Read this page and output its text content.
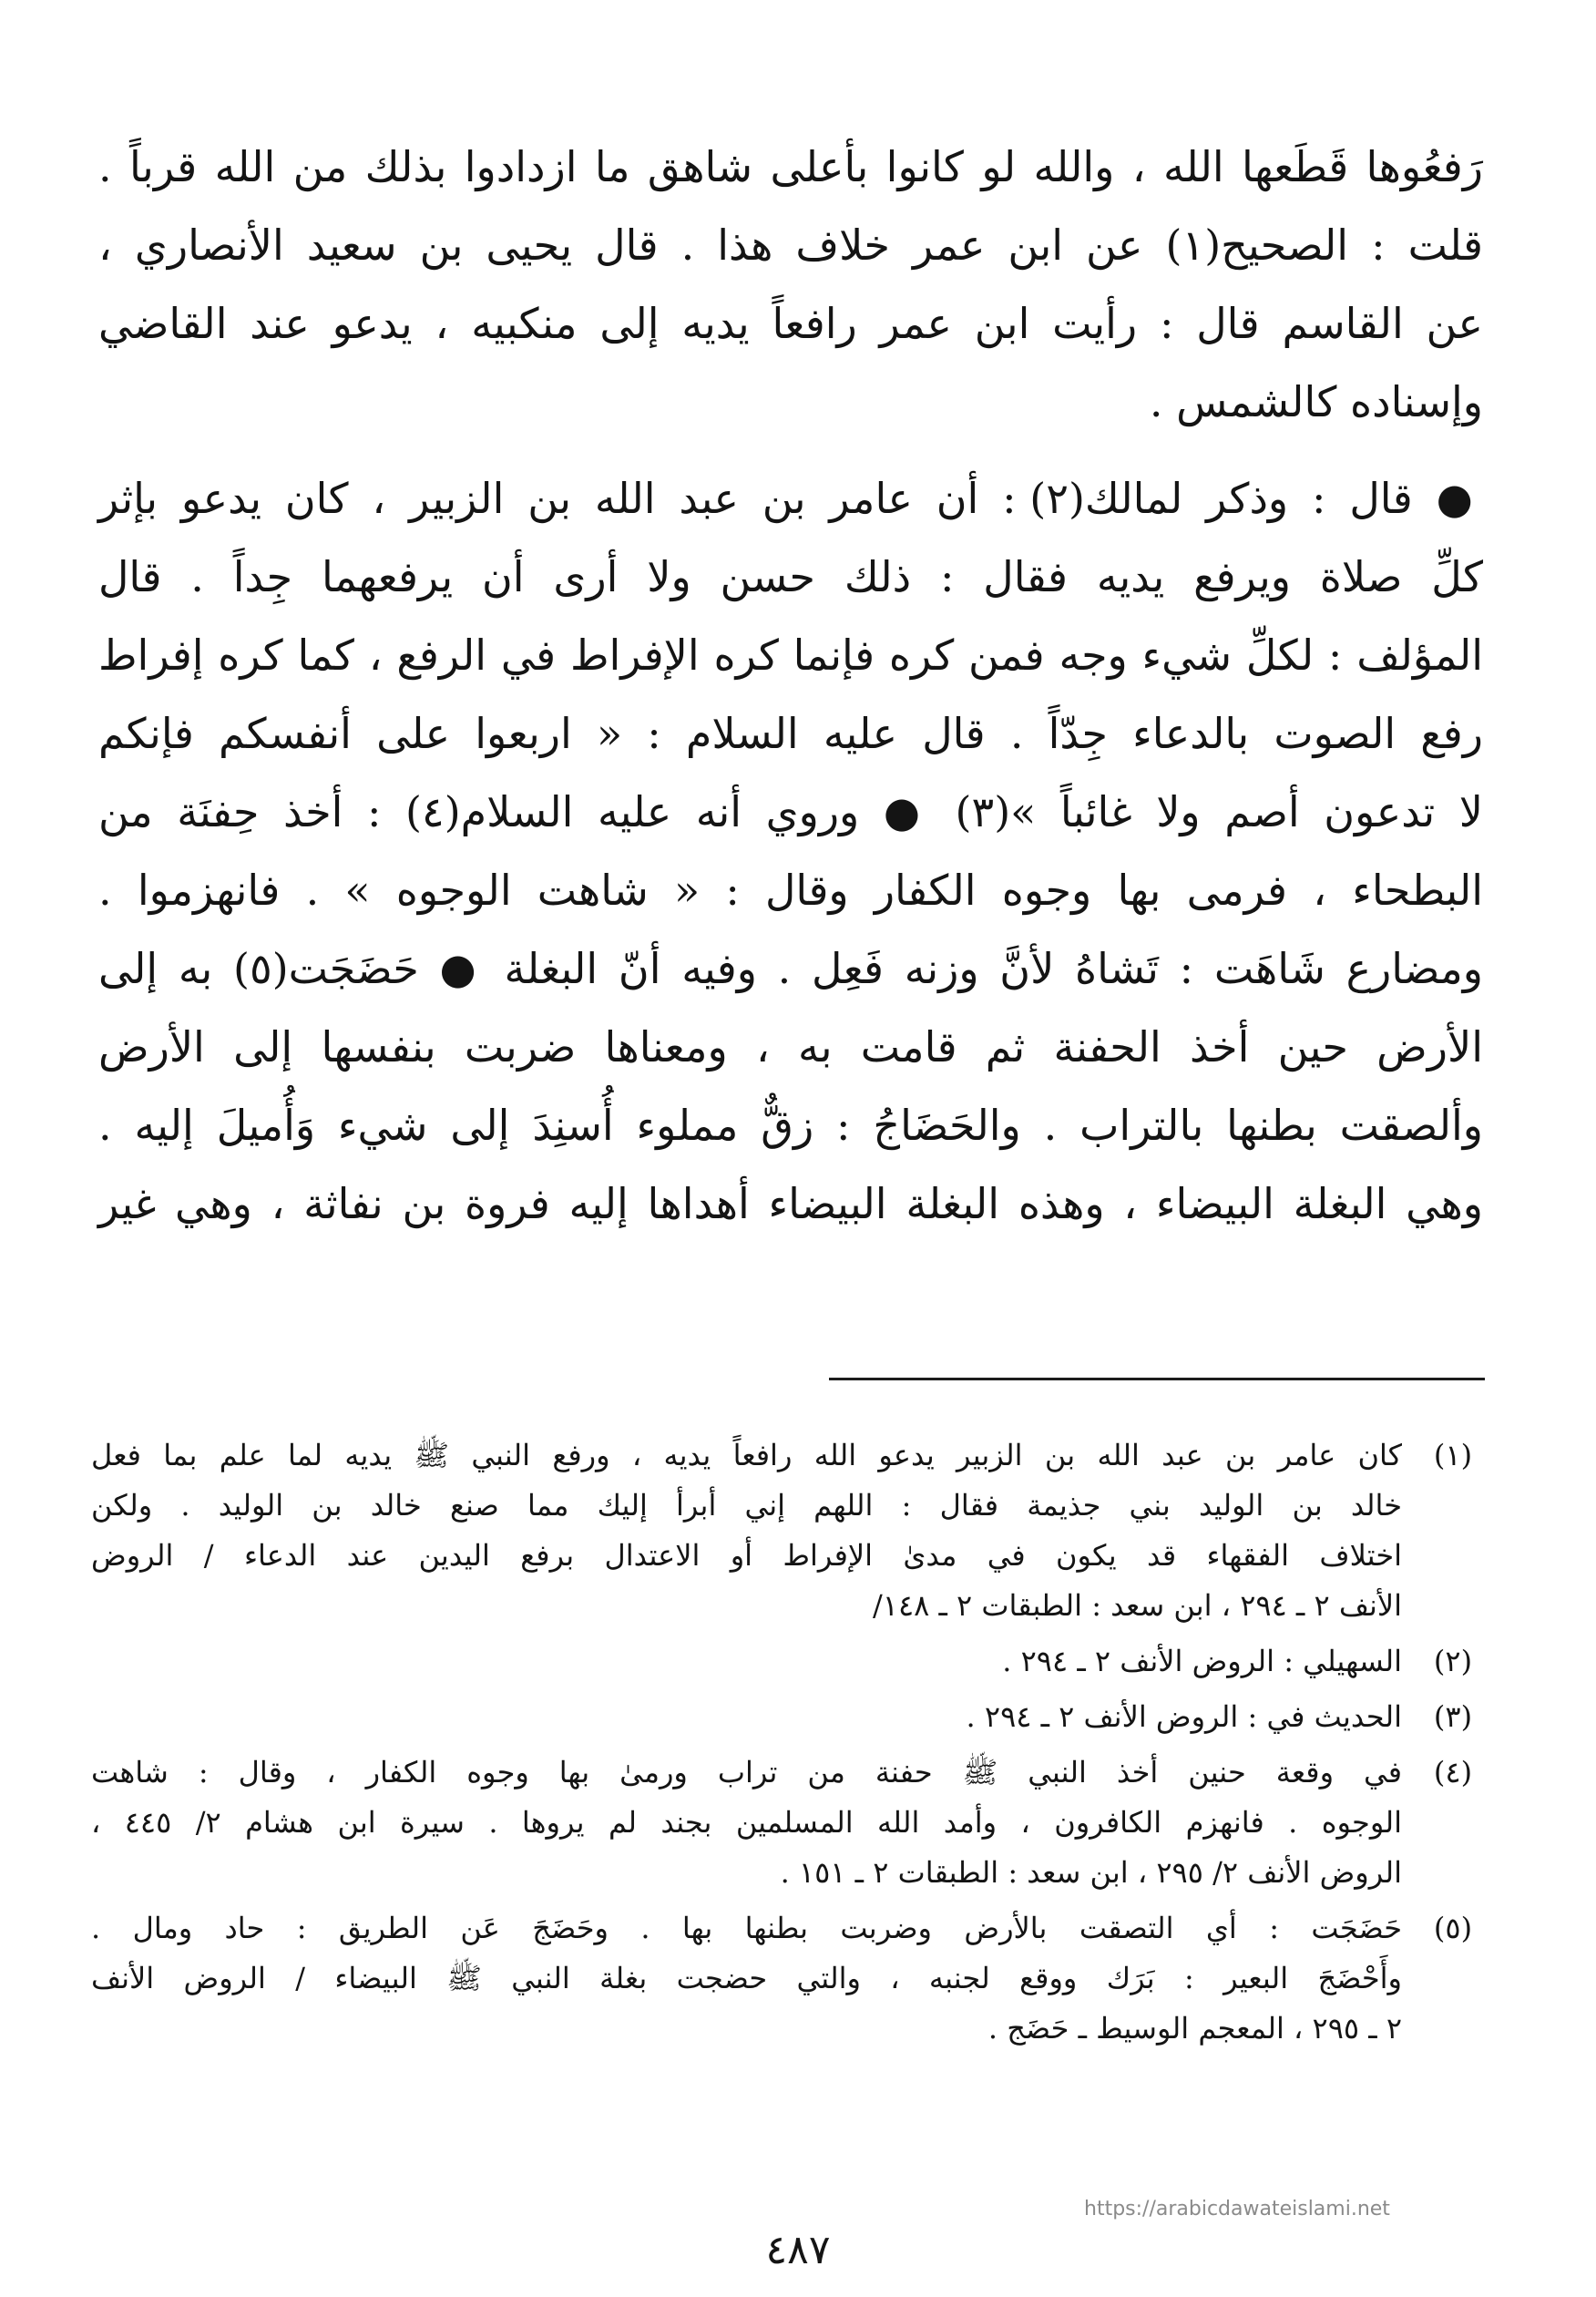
رَفعُوها قَطَعها الله ، والله لو كانوا بأعلى شاهق ما ازدادوا بذلك من الله قرباً .
قلت : الصحيح(١) عن ابن عمر خلاف هذا . قال يحيى بن سعيد الأنصاري ،
عن القاسم قال : رأيت ابن عمر رافعاً يديه إلى منكبيه ، يدعو عند القاضي
وإسناده كالشمس .
● قال : وذكر لمالك(٢) : أن عامر بن عبد الله بن الزبير ، كان يدعو بإثر
كلِّ صلاة ويرفع يديه فقال : ذلك حسن ولا أرى أن يرفعهما جِداً . قال
المؤلف : لكلِّ شيء وجه فمن كره فإنما كره الإفراط في الرفع ، كما كره إفراط
رفع الصوت بالدعاء جِدّاً . قال عليه السلام : « اربعوا على أنفسكم فإنكم
لا تدعون أصم ولا غائباً »(٣) ● وروي أنه عليه السلام(٤) : أخذ حِفنَة من
البطحاء ، فرمى بها وجوه الكفار وقال : « شاهت الوجوه » . فانهزموا .
ومضارع شَاهَت : تَشاهُ لأنَّ وزنه فَعِل . وفيه أنّ البغلة ● حَضَجَت(٥) به إلى
الأرض حين أخذ الحفنة ثم قامت به ، ومعناها ضربت بنفسها إلى الأرض
وألصقت بطنها بالتراب . والحَضَاجُ : زقٌّ مملوء أُسنِدَ إلى شيء وَأُميلَ إليه .
وهي البغلة البيضاء ، وهذه البغلة البيضاء أهداها إليه فروة بن نفاثة ، وهي غير
(١)
كان عامر بن عبد الله بن الزبير يدعو الله رافعاً يديه ، ورفع النبي ﷺ يديه لما علم بما فعل
خالد بن الوليد بني جذيمة فقال : اللهم إني أبرأ إليك مما صنع خالد بن الوليد . ولكن
اختلاف الفقهاء قد يكون في مدىٰ الإفراط أو الاعتدال برفع اليدين عند الدعاء / الروض
الأنف ٢ ـ ٢٩٤ ، ابن سعد : الطبقات ٢ ـ ١٤٨/
(٢)
السهيلي : الروض الأنف ٢ ـ ٢٩٤ .
(٣)
الحديث في : الروض الأنف ٢ ـ ٢٩٤ .
(٤)
في وقعة حنين أخذ النبي ﷺ حفنة من تراب ورمىٰ بها وجوه الكفار ، وقال : شاهت
الوجوه . فانهزم الكافرون ، وأمد الله المسلمين بجند لم يروها . سيرة ابن هشام ٢/ ٤٤٥ ،
الروض الأنف ٢/ ٢٩٥ ، ابن سعد : الطبقات ٢ ـ ١٥١ .
(٥)
حَضَجَت : أي التصقت بالأرض وضربت بطنها بها . وحَضَجَ عَن الطريق : حاد ومال .
وأَحْضَجَ البعير : بَرَك ووقع لجنبه ، والتي حضجت بغلة النبي ﷺ البيضاء / الروض الأنف
٢ ـ ٢٩٥ ، المعجم الوسيط ـ حَضَج .
https://arabicdawateislami.net
٤٨٧
